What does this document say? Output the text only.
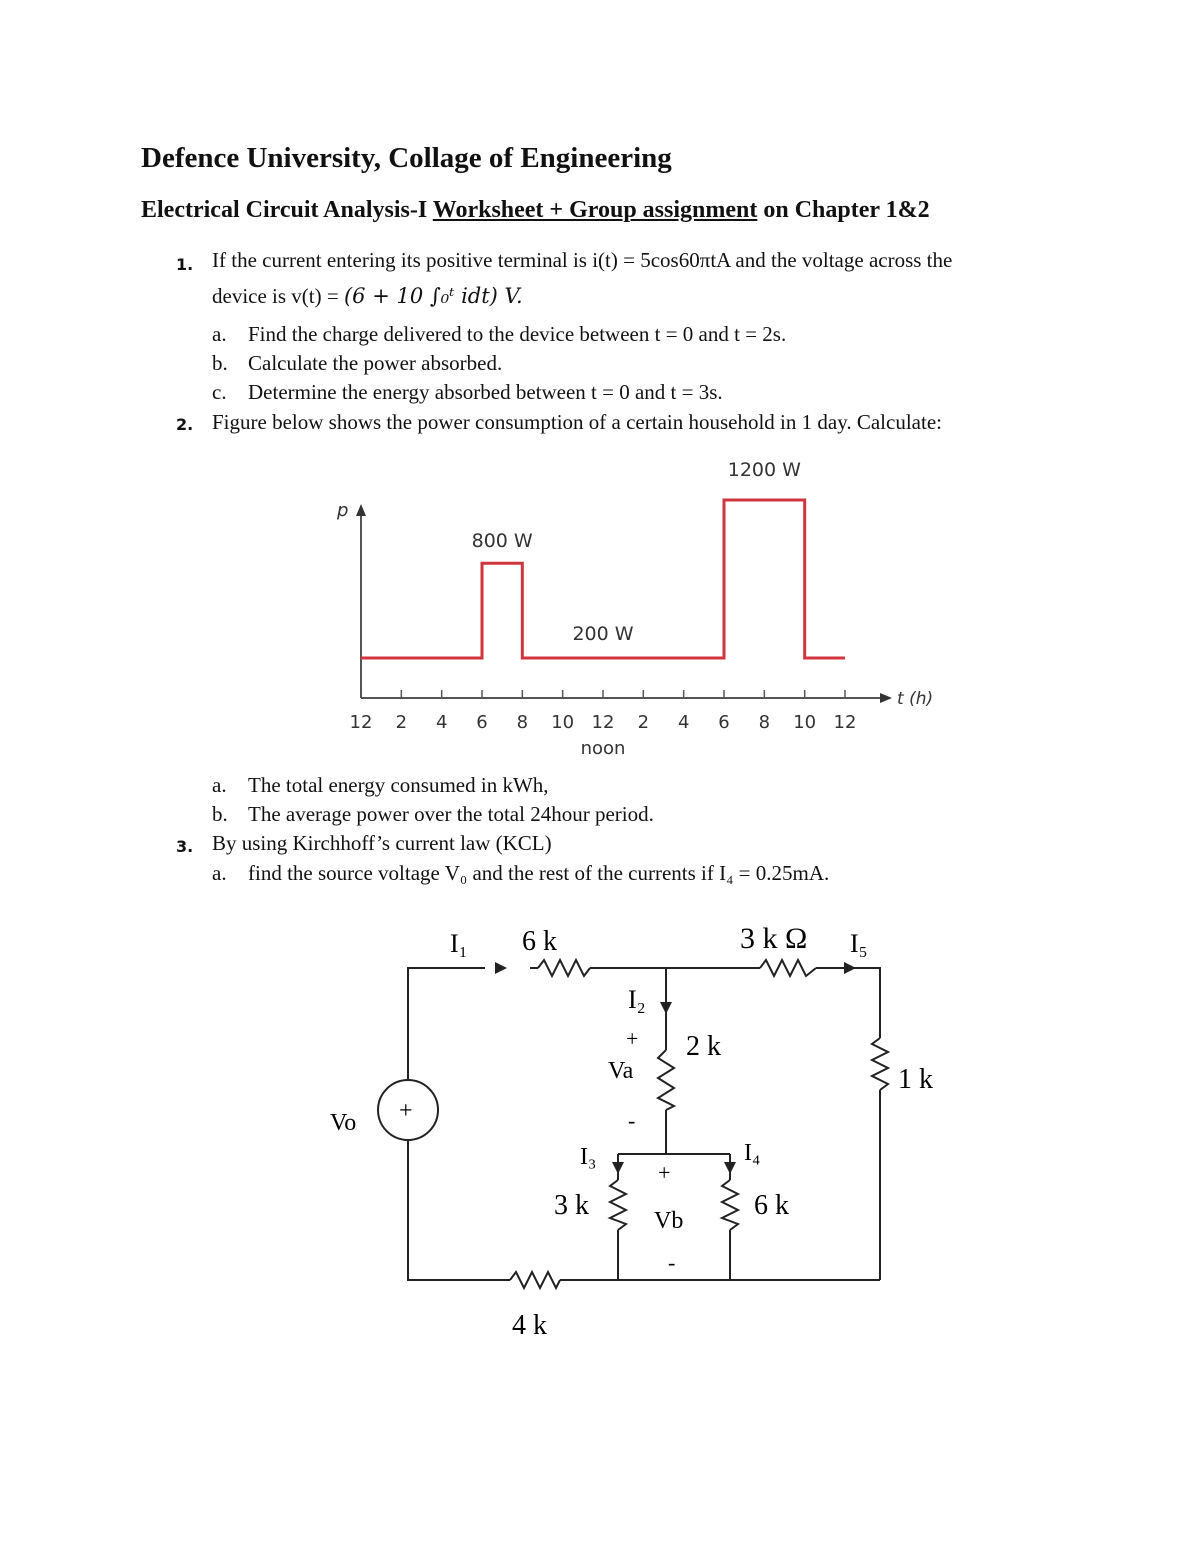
Defence University, Collage of Engineering
Electrical Circuit Analysis-I Worksheet + Group assignment on Chapter 1&2
1. If the current entering its positive terminal is i(t) = 5cos60πtA and the voltage across the
device is v(t) = (6 + 10 ∫₀ᵗ idt) V.
a. Find the charge delivered to the device between t = 0 and t = 2s.
b. Calculate the power absorbed.
c. Determine the energy absorbed between t = 0 and t = 3s.
2. Figure below shows the power consumption of a certain household in 1 day. Calculate:
p
t (h)
12 2 4 6 8 10 12 2 4 6 8 10 12
noon
800 W
200 W
1200 W
a. The total energy consumed in kWh,
b. The average power over the total 24hour period.
3. By using Kirchhoff’s current law (KCL)
a. find the source voltage V₀ and the rest of the currents if I₄ = 0.25mA.
I₁ 6 k	3 k Ω I₅
I₂
+
Va
-
2 k
1 k
Vo +
I₃	I₄
+
3 k	Vb	6 k
-
4 k
